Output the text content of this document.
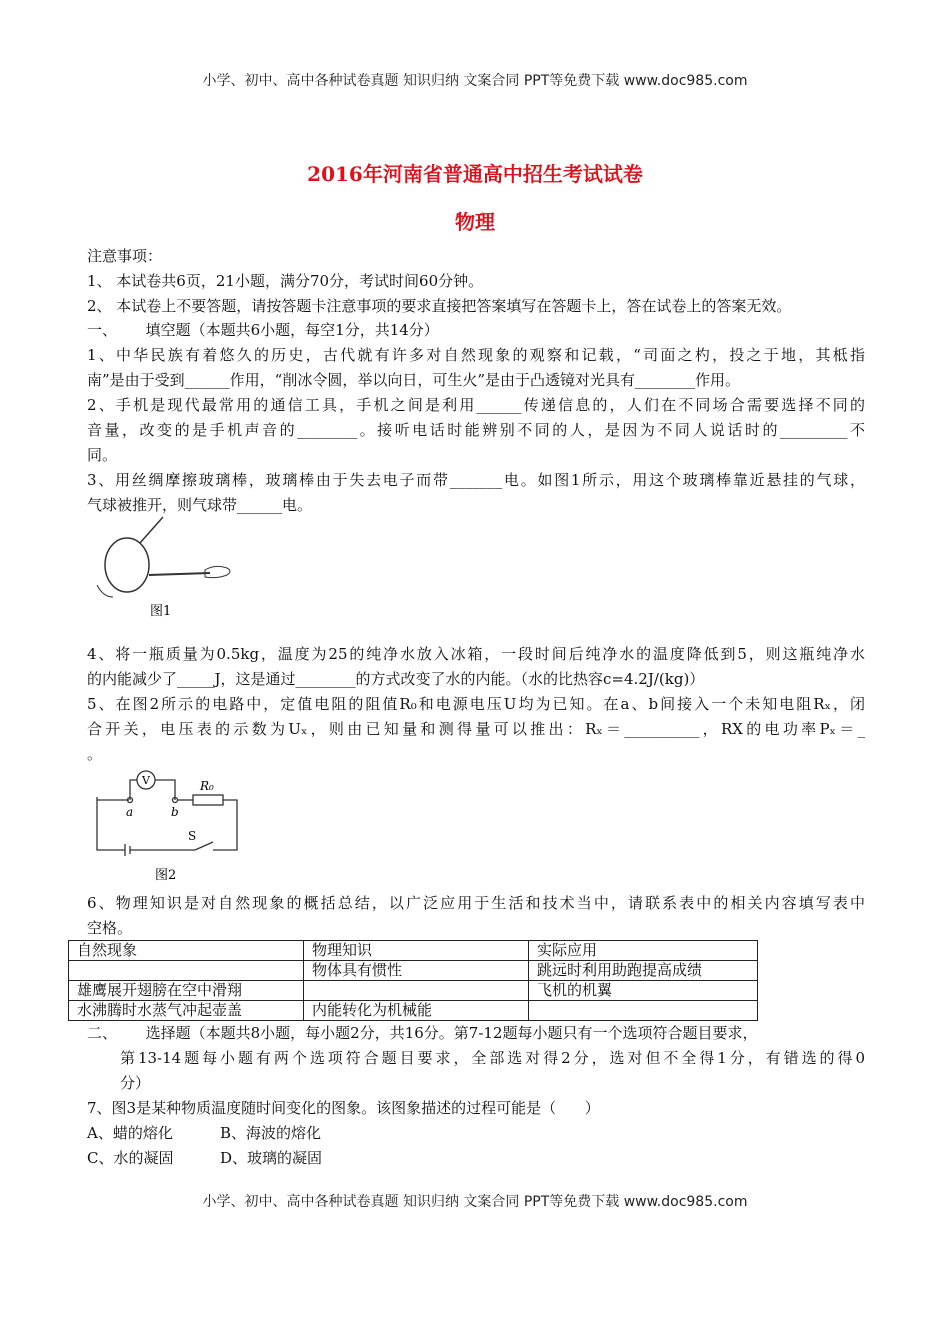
小学、初中、高中各种试卷真题 知识归纳 文案合同 PPT等免费下载 www.doc985.com
2016年河南省普通高中招生考试试卷
物理
注意事项：
1、 本试卷共6页，21小题，满分70分，考试时间60分钟。
2、 本试卷上不要答题，请按答题卡注意事项的要求直接把答案填写在答题卡上，答在试卷上的答案无效。
一、      填空题（本题共6小题，每空1分，共14分）
1、中华民族有着悠久的历史，古代就有许多对自然现象的观察和记载，“司面之杓，投之于地，其柢指
南”是由于受到______作用，“削冰令圆，举以向日，可生火”是由于凸透镜对光具有________作用。
2、手机是现代最常用的通信工具，手机之间是利用______传递信息的，人们在不同场合需要选择不同的
音量，改变的是手机声音的________。接听电话时能辨别不同的人，是因为不同人说话时的_________不
同。
3、用丝绸摩擦玻璃棒，玻璃棒由于失去电子而带_______电。如图1所示，用这个玻璃棒靠近悬挂的气球，
气球被推开，则气球带______电。
图1
4、将一瓶质量为0.5kg，温度为25的纯净水放入冰箱，一段时间后纯净水的温度降低到5，则这瓶纯净水
的内能减少了_____J，这是通过________的方式改变了水的内能。（水的比热容c=4.2J/(kg)）
5、在图2所示的电路中，定值电阻的阻值R₀和电源电压U均为已知。在a、b间接入一个未知电阻Rₓ，闭
合开关，电压表的示数为Uₓ，则由已知量和测得量可以推出：Rₓ＝__________，RX的电功率Pₓ＝_
。
V
a	b
R₀
S
图2
6、物理知识是对自然现象的概括总结，以广泛应用于生活和技术当中，请联系表中的相关内容填写表中
空格。
自然现象	物理知识	实际应用
	物体具有惯性	跳远时利用助跑提高成绩
雄鹰展开翅膀在空中滑翔		飞机的机翼
水沸腾时水蒸气冲起壶盖	内能转化为机械能	
二、      选择题（本题共8小题，每小题2分，共16分。第7-12题每小题只有一个选项符合题目要求，
第13-14题每小题有两个选项符合题目要求，全部选对得2分，选对但不全得1分，有错选的得0
分）
7、图3是某种物质温度随时间变化的图象。该图象描述的过程可能是（      ）
A、蜡的熔化	B、海波的熔化
C、水的凝固	D、玻璃的凝固
小学、初中、高中各种试卷真题 知识归纳 文案合同 PPT等免费下载 www.doc985.com
